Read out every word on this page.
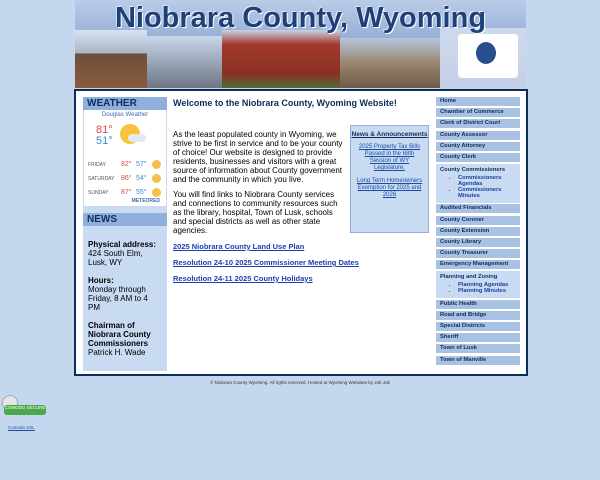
Niobrara County, Wyoming
WEATHER
Douglas Weather
81°
51°
FRIDAY 82° 57°
SATURDAY 86° 54°
SUNDAY 87° 55°
METEORED
NEWS
Physical address:
424 South Elm, Lusk, WY
Hours:
Monday through Friday, 8 AM to 4 PM
Chairman of Niobrara County Commissioners
Patrick H. Wade
Welcome to the Niobrara County, Wyoming Website!
As the least populated county in Wyoming, we strive to be first in service and to be your county of choice! Our website is designed to provide residents, businesses and visitors with a great source of information about County government and the community in which you live.
You will find links to Niobrara County services and connections to community resources such as the library, hospital, Town of Lusk, schools and special districts as well as other state agencies.
News & Announcements
2025 Property Tax Bills Passed in the 68th Session of WY Legislature.
Long Term Homeowners Exemption for 2025 and 2026
2025 Niobrara County Land Use Plan
Resolution 24-10 2025 Commissioner Meeting Dates
Resolution 24-11 2025 County Holidays
Home
Chamber of Commerce
Clerk of District Court
County Assessor
County Attorney
County Clerk
County Commissioners
• Commissioners Agendas
• Commissioners Minutes
Audited Financials
County Coroner
County Extension
County Library
County Treasurer
Emergency Management
Planning and Zoning
• Planning Agendas
• Planning Minutes
Public Health
Road and Bridge
Special Districts
Sheriff
Town of Lusk
Town of Manville
© Niobrara County Wyoming. All rights reserved. Hosted at Wyoming Websites by Job Job
COMODO SECURE
Comodo SSL
